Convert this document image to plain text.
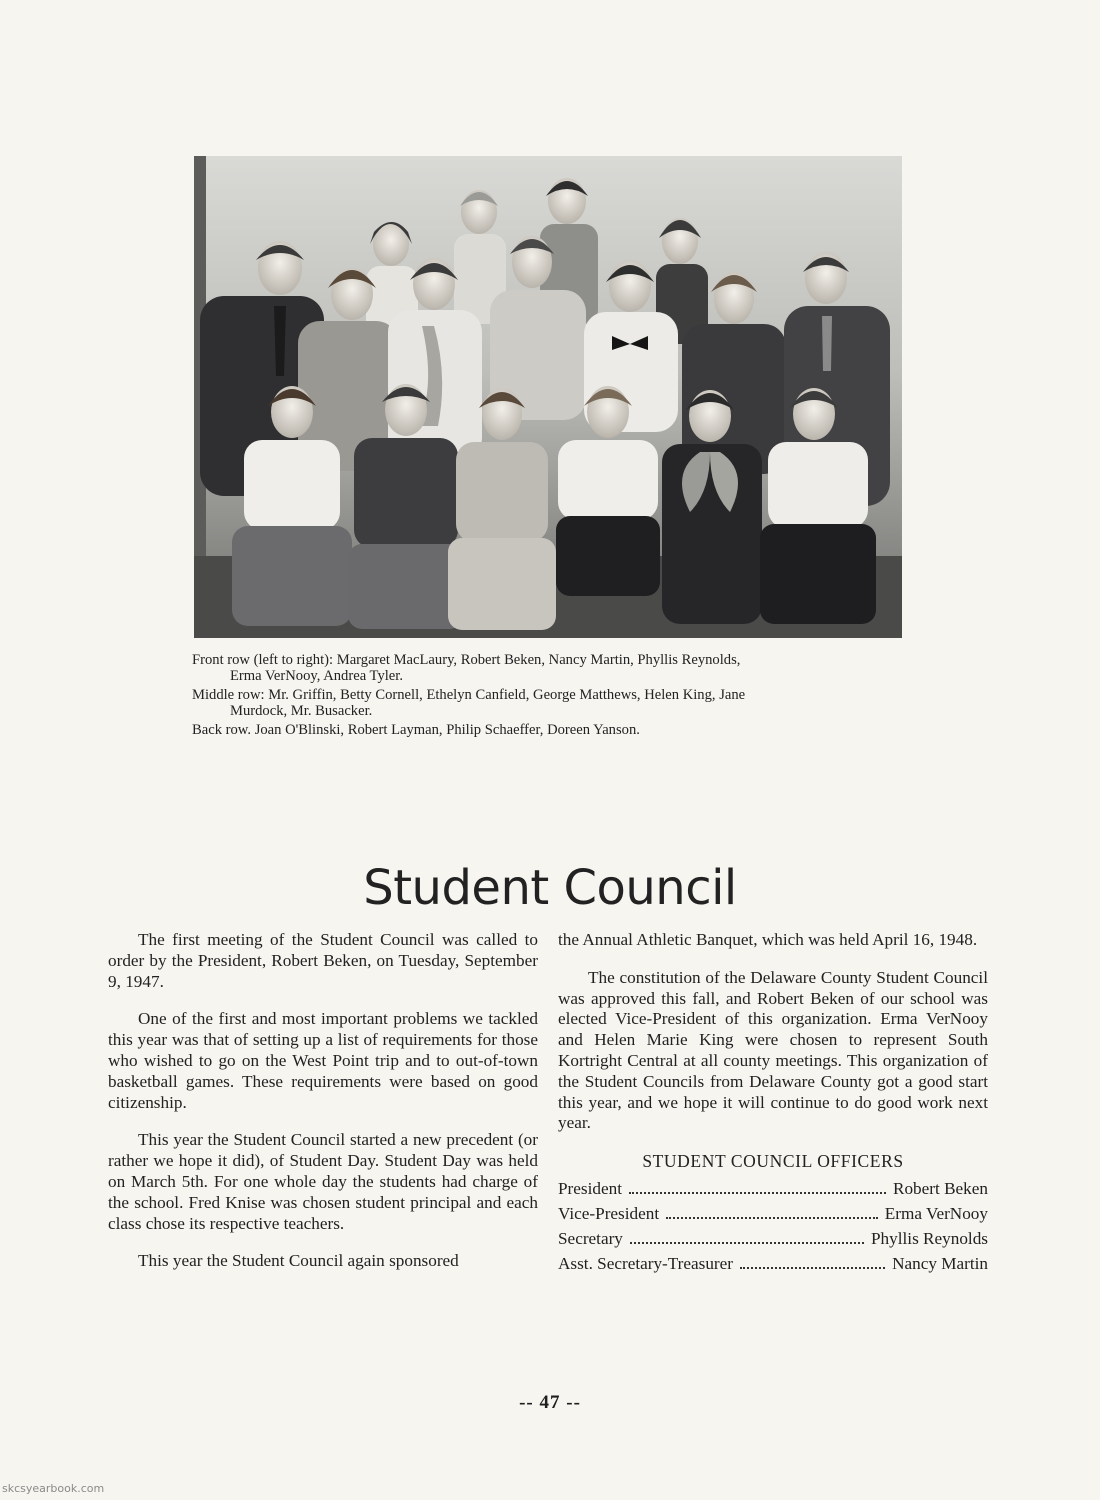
Front row (left to right): Margaret MacLaury, Robert Beken, Nancy Martin, Phyllis Reynolds,
Erma VerNooy, Andrea Tyler.
Middle row: Mr. Griffin, Betty Cornell, Ethelyn Canfield, George Matthews, Helen King, Jane
Murdock, Mr. Busacker.
Back row. Joan O'Blinski, Robert Layman, Philip Schaeffer, Doreen Yanson.
Student Council

The first meeting of the Student Council was called to order by the President, Robert Beken, on Tuesday, September 9, 1947.

One of the first and most important problems we tackled this year was that of setting up a list of requirements for those who wished to go on the West Point trip and to out-of-town basketball games. These requirements were based on good citizenship.

This year the Student Council started a new precedent (or rather we hope it did), of Student Day. Student Day was held on March 5th. For one whole day the students had charge of the school. Fred Knise was chosen student principal and each class chose its respective teachers.

This year the Student Council again sponsored

the Annual Athletic Banquet, which was held April 16, 1948.

The constitution of the Delaware County Student Council was approved this fall, and Robert Beken of our school was elected Vice-President of this organization. Erma VerNooy and Helen Marie King were chosen to represent South Kortright Central at all county meetings. This organization of the Student Councils from Delaware County got a good start this year, and we hope it will continue to do good work next year.

STUDENT COUNCIL OFFICERS
President	Robert Beken
Vice-President	Erma VerNooy
Secretary	Phyllis Reynolds
Asst. Secretary-Treasurer	Nancy Martin
-- 47 --
skcsyearbook.com
